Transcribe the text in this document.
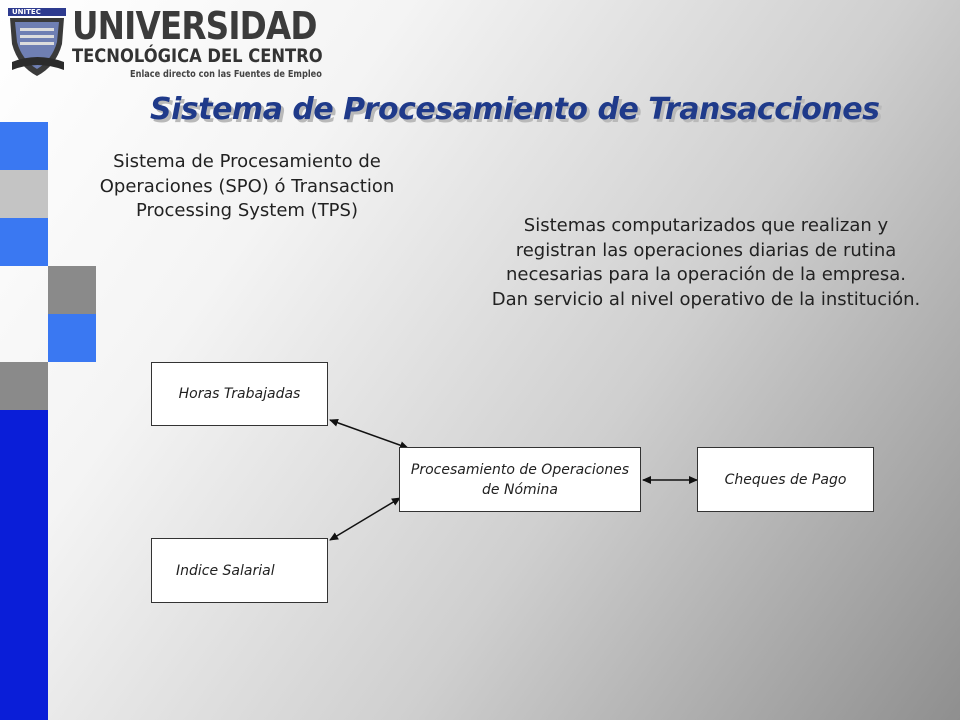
UNITEC UNIVERSIDAD
TECNOLÓGICA DEL CENTRO
Enlace directo con las Fuentes de Empleo
Sistema de Procesamiento de Transacciones
Sistema de Procesamiento de Operaciones (SPO) ó Transaction Processing System (TPS)
Sistemas computarizados que realizan y registran las operaciones diarias de rutina necesarias para la operación de la empresa. Dan servicio al nivel operativo de la institución.
Horas Trabajadas
Indice Salarial
Procesamiento de Operaciones de Nómina
Cheques de Pago
